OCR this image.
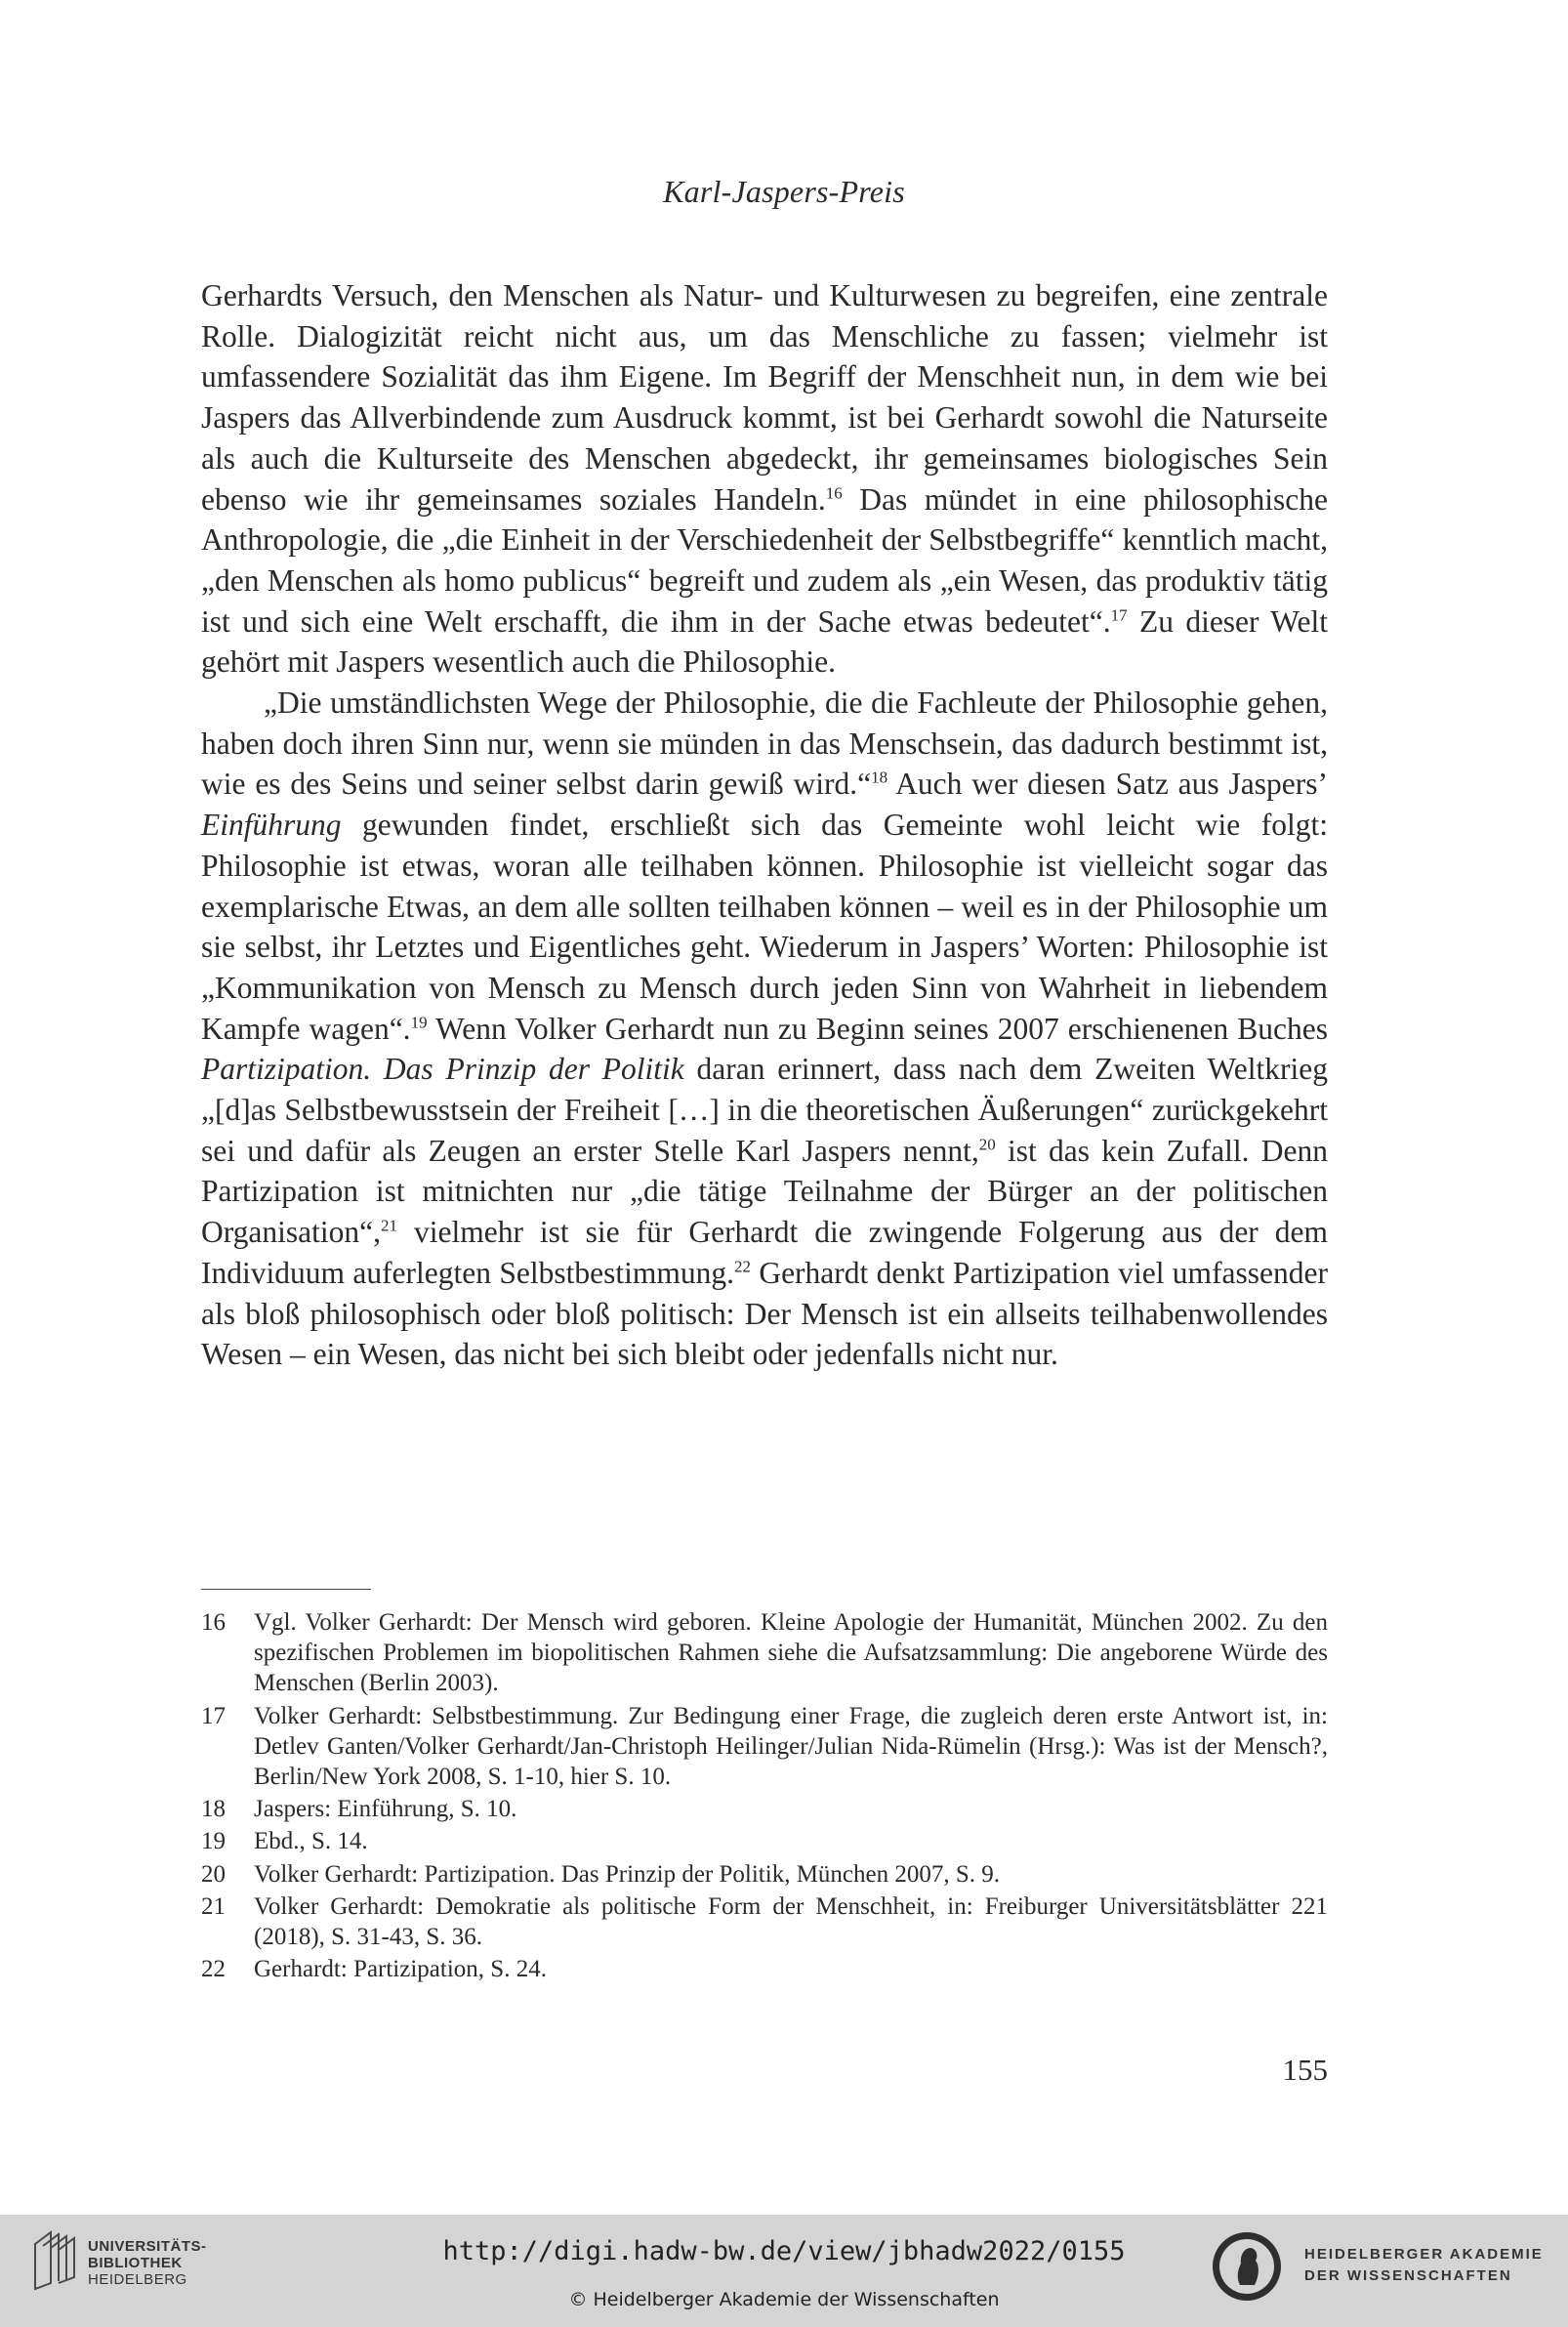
Karl-Jaspers-Preis

Gerhardts Versuch, den Menschen als Natur- und Kulturwesen zu begreifen, eine zentrale Rolle. Dialogizität reicht nicht aus, um das Menschliche zu fassen; vielmehr ist umfassendere Sozialität das ihm Eigene. Im Begriff der Menschheit nun, in dem wie bei Jaspers das Allverbindende zum Ausdruck kommt, ist bei Gerhardt sowohl die Naturseite als auch die Kulturseite des Menschen abgedeckt, ihr gemeinsames biologisches Sein ebenso wie ihr gemeinsames soziales Handeln.$^{16}$ Das mündet in eine philosophische Anthropologie, die „die Einheit in der Verschiedenheit der Selbstbegriffe“ kenntlich macht, „den Menschen als homo publicus“ begreift und zudem als „ein Wesen, das produktiv tätig ist und sich eine Welt erschafft, die ihm in der Sache etwas bedeutet“.$^{17}$ Zu dieser Welt gehört mit Jaspers wesentlich auch die Philosophie.

„Die umständlichsten Wege der Philosophie, die die Fachleute der Philosophie gehen, haben doch ihren Sinn nur, wenn sie münden in das Menschsein, das dadurch bestimmt ist, wie es des Seins und seiner selbst darin gewiß wird.“$^{18}$ Auch wer diesen Satz aus Jaspers’ Einführung gewunden findet, erschließt sich das Gemeinte wohl leicht wie folgt: Philosophie ist etwas, woran alle teilhaben können. Philosophie ist vielleicht sogar das exemplarische Etwas, an dem alle sollten teilhaben können – weil es in der Philosophie um sie selbst, ihr Letztes und Eigentliches geht. Wiederum in Jaspers’ Worten: Philosophie ist „Kommunikation von Mensch zu Mensch durch jeden Sinn von Wahrheit in liebendem Kampfe wagen“.$^{19}$ Wenn Volker Gerhardt nun zu Beginn seines 2007 erschienenen Buches Partizipation. Das Prinzip der Politik daran erinnert, dass nach dem Zweiten Weltkrieg „[d]as Selbstbewusstsein der Freiheit […] in die theoretischen Äußerungen“ zurückgekehrt sei und dafür als Zeugen an erster Stelle Karl Jaspers nennt,$^{20}$ ist das kein Zufall. Denn Partizipation ist mitnichten nur „die tätige Teilnahme der Bürger an der politischen Organisation“,$^{21}$ vielmehr ist sie für Gerhardt die zwingende Folgerung aus der dem Individuum auferlegten Selbstbestimmung.$^{22}$ Gerhardt denkt Partizipation viel umfassender als bloß philosophisch oder bloß politisch: Der Mensch ist ein allseits teilhabenwollendes Wesen – ein Wesen, das nicht bei sich bleibt oder jedenfalls nicht nur.

16	Vgl. Volker Gerhardt: Der Mensch wird geboren. Kleine Apologie der Humanität, München 2002. Zu den spezifischen Problemen im biopolitischen Rahmen siehe die Aufsatzsammlung: Die angeborene Würde des Menschen (Berlin 2003).
17	Volker Gerhardt: Selbstbestimmung. Zur Bedingung einer Frage, die zugleich deren erste Antwort ist, in: Detlev Ganten/Volker Gerhardt/Jan-Christoph Heilinger/Julian Nida-Rümelin (Hrsg.): Was ist der Mensch?, Berlin/New York 2008, S. 1-10, hier S. 10.
18	Jaspers: Einführung, S. 10.
19	Ebd., S. 14.
20	Volker Gerhardt: Partizipation. Das Prinzip der Politik, München 2007, S. 9.
21	Volker Gerhardt: Demokratie als politische Form der Menschheit, in: Freiburger Universitätsblätter 221 (2018), S. 31-43, S. 36.
22	Gerhardt: Partizipation, S. 24.
155
UNIVERSITÄTS-
BIBLIOTHEK
HEIDELBERG
http://digi.hadw-bw.de/view/jbhadw2022/0155
© Heidelberger Akademie der Wissenschaften
HEIDELBERGER AKADEMIE
DER WISSENSCHAFTEN
